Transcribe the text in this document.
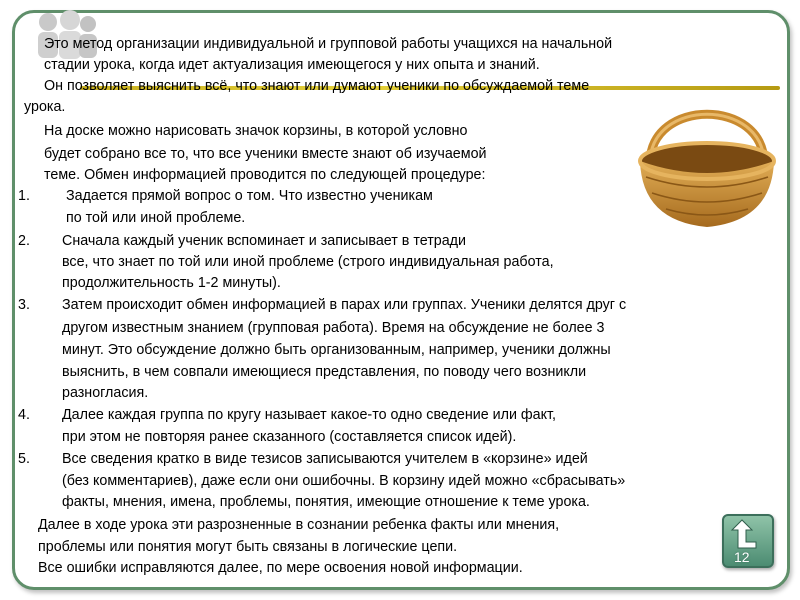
Это метод организации индивидуальной и групповой работы учащихся на начальной
стадии урока, когда идет актуализация имеющегося у них опыта и знаний.
Он позволяет выяснить всё, что знают или думают ученики по обсуждаемой теме
урока.
На доске можно нарисовать значок корзины, в которой условно
будет собрано все то, что все ученики вместе знают об изучаемой
теме. Обмен информацией проводится по следующей процедуре:
1.	Задается прямой вопрос о том. Что известно ученикам
по той или иной проблеме.
2. Сначала каждый ученик вспоминает и записывает в тетради
все, что знает по той или иной проблеме (строго индивидуальная работа,
продолжительность 1-2 минуты).
3. Затем происходит обмен информацией в парах или группах. Ученики делятся друг с
другом известным знанием (групповая работа). Время на обсуждение не более 3
минут. Это обсуждение должно быть организованным, например, ученики должны
выяснить, в чем совпали имеющиеся представления, по поводу чего возникли
разногласия.
4. Далее каждая группа по кругу называет какое-то одно сведение или факт,
при этом не повторяя ранее сказанного (составляется список идей).
5. Все сведения кратко в виде тезисов записываются учителем в «корзине» идей
(без комментариев), даже если они ошибочны. В корзину идей можно «сбрасывать»
факты, мнения, имена, проблемы, понятия, имеющие отношение к теме урока.
Далее в ходе урока эти разрозненные в сознании ребенка факты или мнения,
проблемы или понятия могут быть связаны в логические цепи.
Все ошибки исправляются далее, по мере освоения новой информации.
12
